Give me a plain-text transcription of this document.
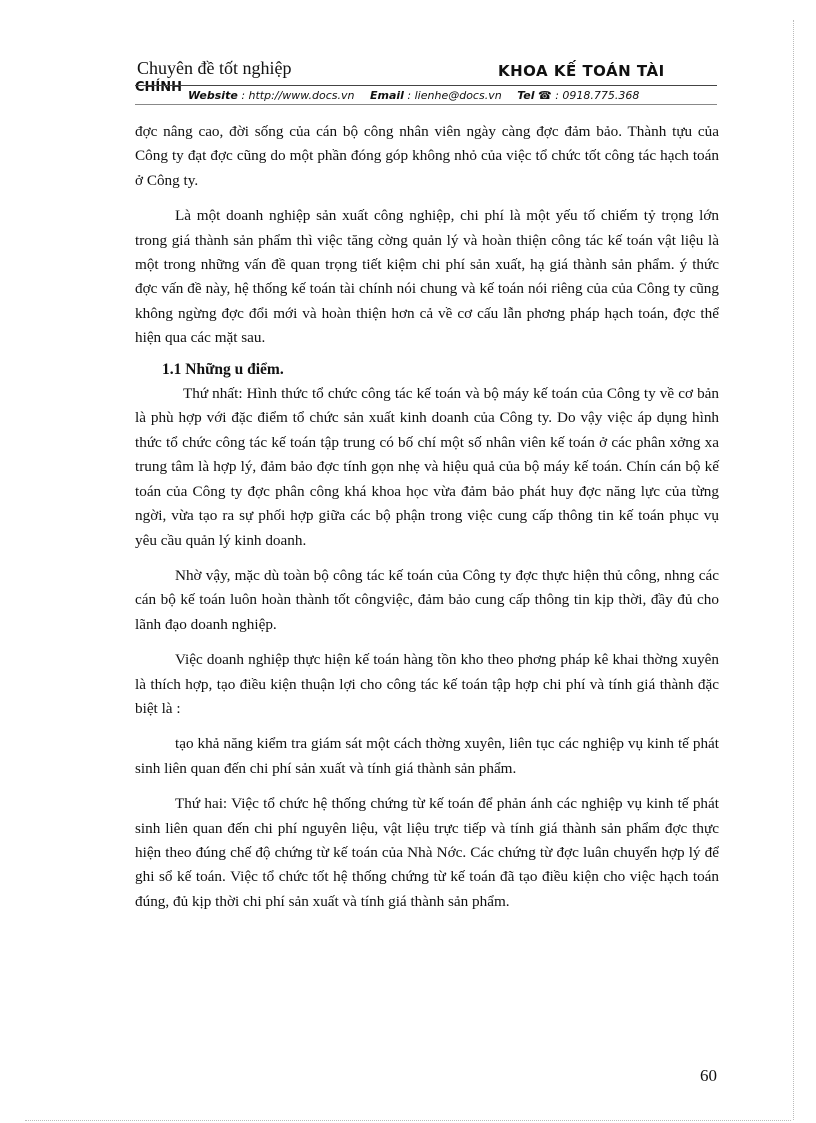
Chuyên đề tốt nghiệp	KHOA KẾ TOÁN TÀI
CHÍNH
Website : http://www.docs.vn Email : lienhe@docs.vn Tel ☎ : 0918.775.368

đợc nâng cao, đời sống của cán bộ công nhân viên ngày càng đợc đảm bảo. Thành tựu của Công ty đạt đợc cũng do một phần đóng góp không nhỏ của việc tổ chức tốt công tác hạch toán ở Công ty.

Là một doanh nghiệp sản xuất công nghiệp, chi phí là một yếu tố chiếm tỷ trọng lớn trong giá thành sản phẩm thì việc tăng cờng quản lý và hoàn thiện công tác kế toán vật liệu là một trong những vấn đề quan trọng tiết kiệm chi phí sản xuất, hạ giá thành sản phẩm. ý thức đợc vấn đề này, hệ thống kế toán tài chính nói chung và kế toán nói riêng của của Công ty cũng không ngừng đợc đổi mới và hoàn thiện hơn cả về cơ cấu lẫn phơng pháp hạch toán, đợc thể hiện qua các mặt sau.

1.1 Những u điểm.

Thứ nhất: Hình thức tổ chức công tác kế toán và bộ máy kế toán của Công ty về cơ bản là phù hợp với đặc điểm tổ chức sản xuất kinh doanh của Công ty. Do vậy việc áp dụng hình thức tổ chức công tác kế toán tập trung có bố chí một số nhân viên kế toán ở các phân xởng xa trung tâm là hợp lý, đảm bảo đợc tính gọn nhẹ và hiệu quả của bộ máy kế toán. Chín cán bộ kế toán của Công ty đợc phân công khá khoa học vừa đảm bảo phát huy đợc năng lực của từng ngời, vừa tạo ra sự phối hợp giữa các bộ phận trong việc cung cấp thông tin kế toán phục vụ yêu cầu quản lý kinh doanh.

Nhờ vậy, mặc dù toàn bộ công tác kế toán của Công ty đợc thực hiện thủ công, nhng các cán bộ kế toán luôn hoàn thành tốt côngviệc, đảm bảo cung cấp thông tin kịp thời, đầy đủ cho lãnh đạo doanh nghiệp.

Việc doanh nghiệp thực hiện kế toán hàng tồn kho theo phơng pháp kê khai thờng xuyên là thích hợp, tạo điều kiện thuận lợi cho công tác kế toán tập hợp chi phí và tính giá thành đặc biệt là :

tạo khả năng kiểm tra giám sát một cách thờng xuyên, liên tục các nghiệp vụ kinh tế phát sinh liên quan đến chi phí sản xuất và tính giá thành sản phẩm.

Thứ hai: Việc tổ chức hệ thống chứng từ kế toán để phản ánh các nghiệp vụ kinh tế phát sinh liên quan đến chi phí nguyên liệu, vật liệu trực tiếp và tính giá thành sản phẩm đợc thực hiện theo đúng chế độ chứng từ kế toán của Nhà Nớc. Các chứng từ đợc luân chuyển hợp lý để ghi sổ kế toán. Việc tổ chức tốt hệ thống chứng từ kế toán đã tạo điều kiện cho việc hạch toán đúng, đủ kịp thời chi phí sản xuất và tính giá thành sản phẩm.

60
